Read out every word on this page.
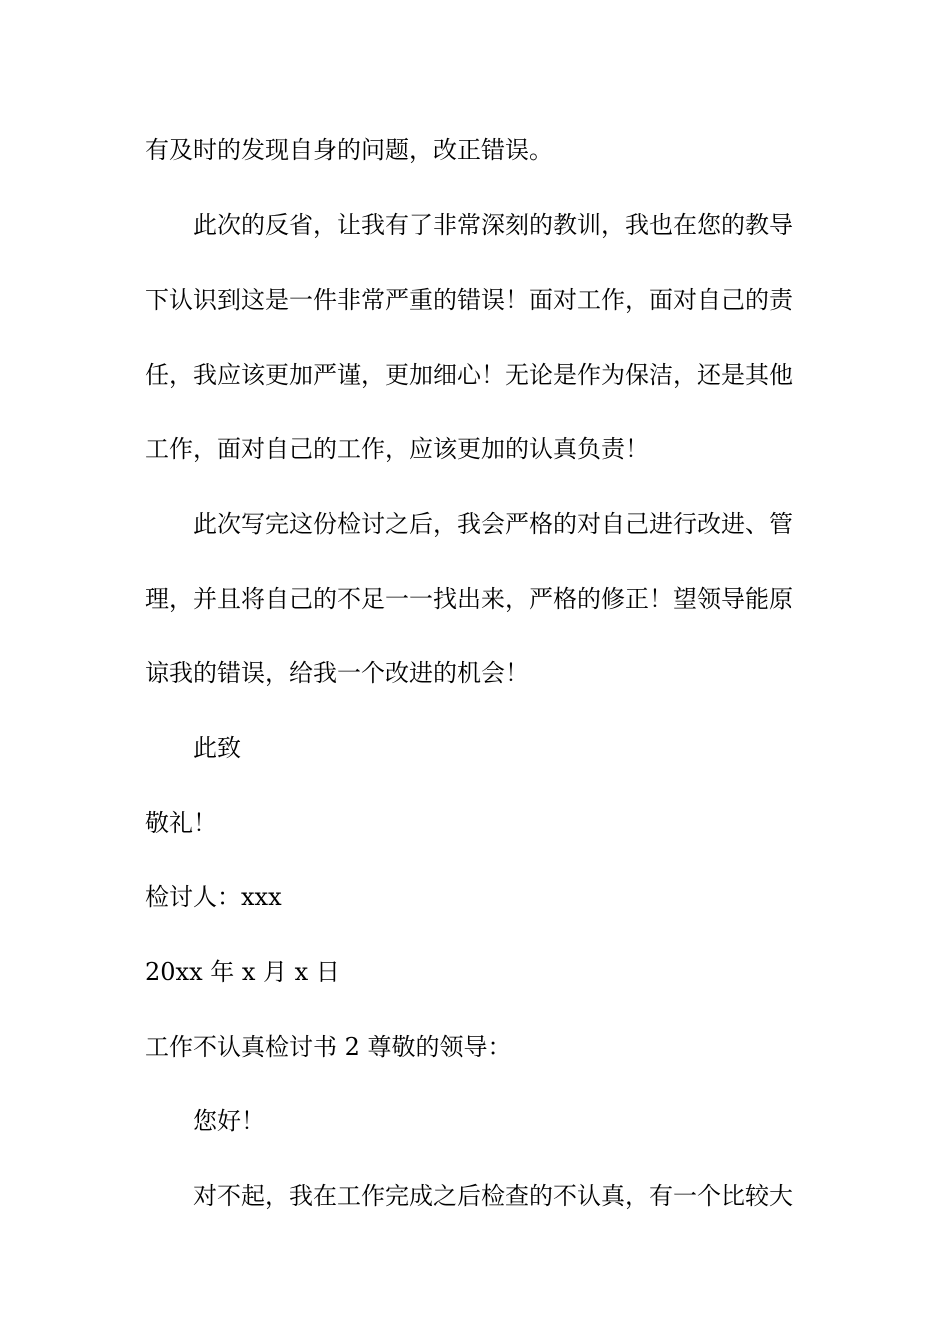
有及时的发现自身的问题，改正错误。
此次的反省，让我有了非常深刻的教训，我也在您的教导
下认识到这是一件非常严重的错误！面对工作，面对自己的责
任，我应该更加严谨，更加细心！无论是作为保洁，还是其他
工作，面对自己的工作，应该更加的认真负责！
此次写完这份检讨之后，我会严格的对自己进行改进、管
理，并且将自己的不足一一找出来，严格的修正！望领导能原
谅我的错误，给我一个改进的机会！
此致
敬礼！
检讨人：xxx
20xx 年 x 月 x 日
工作不认真检讨书 2 尊敬的领导：
您好！
对不起，我在工作完成之后检查的不认真，有一个比较大
